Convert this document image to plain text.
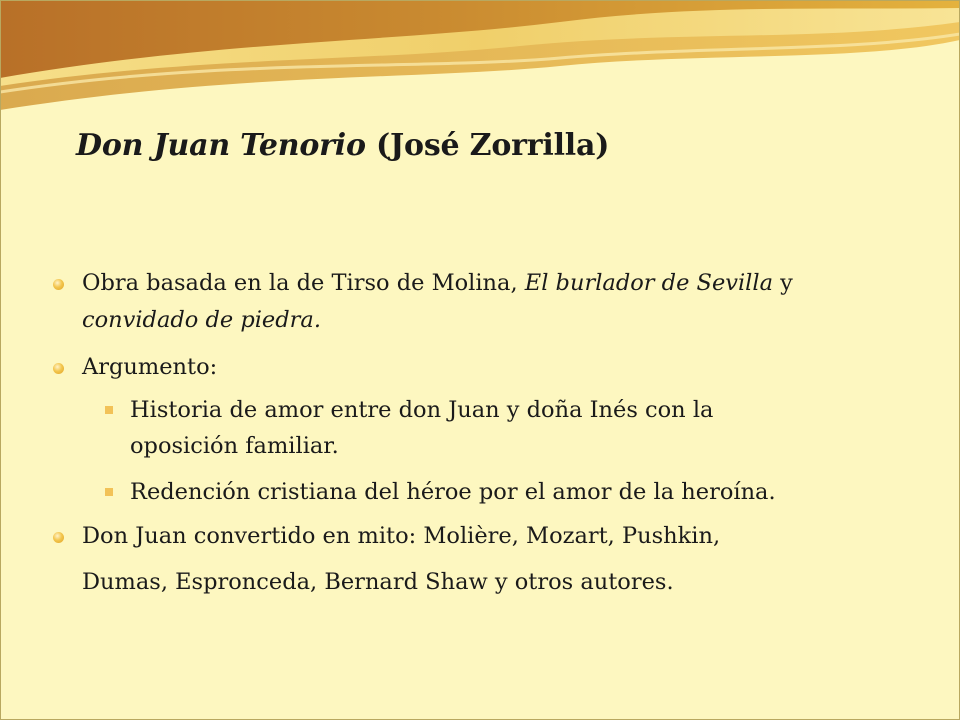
Don Juan Tenorio (José Zorrilla)
Obra basada en la de Tirso de Molina, El burlador de Sevilla y
convidado de piedra.
Argumento:
Historia de amor entre don Juan y doña Inés con la
oposición familiar.
Redención cristiana del héroe por el amor de la heroína.
Don Juan convertido en mito: Molière, Mozart, Pushkin,
Dumas, Espronceda, Bernard Shaw y otros autores.
